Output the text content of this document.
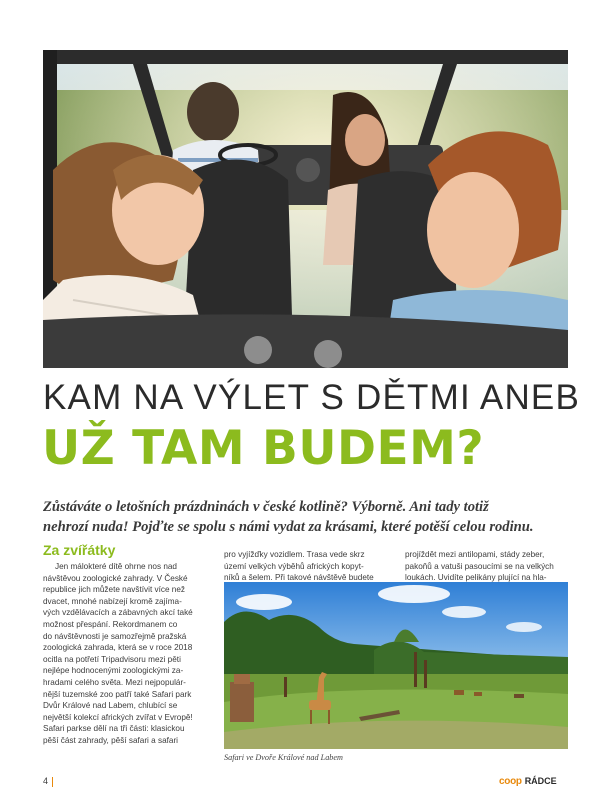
KAM NA VÝLET S DĚTMI ANEB
UŽ TAM BUDEM?
Zůstáváte o letošních prázdninách v české kotlině? Výborně. Ani tady totiž
nehrozí nuda! Pojďte se spolu s námi vydat za krásami, které potěší celou rodinu.
Za zvířátky
Jen málokteré dítě ohrne nos nad
návštěvou zoologické zahrady. V České
republice jich můžete navštívit více než
dvacet, mnohé nabízejí kromě zajíma-
vých vzdělávacích a zábavných akcí také
možnost přespání. Rekordmanem co
do návštěvnosti je samozřejmě pražská
zoologická zahrada, která se v roce 2018
ocitla na potřetí Tripadvisoru mezi pěti
nejlépe hodnocenými zoologickými za-
hradami celého světa. Mezi nejpopulár-
nější tuzemské zoo patří také Safari park
Dvůr Králové nad Labem, chlubící se
největší kolekcí afrických zvířat v Evropě!
Safari parkse dělí na tři části: klasickou
pěší část zahrady, pěší safari a safari
pro vyjížďky vozidlem. Trasa vede skrz
území velkých výběhů afrických kopyt-
níků a šelem. Při takové návštěvě budete
projíždět mezi antilopami, stády zeber,
pakoňů a vatuši pasoucími se na velkých
loukách. Uvidíte pelikány plující na hla-
Safari ve Dvoře Králové nad Labem
4	coop RÁDCE
